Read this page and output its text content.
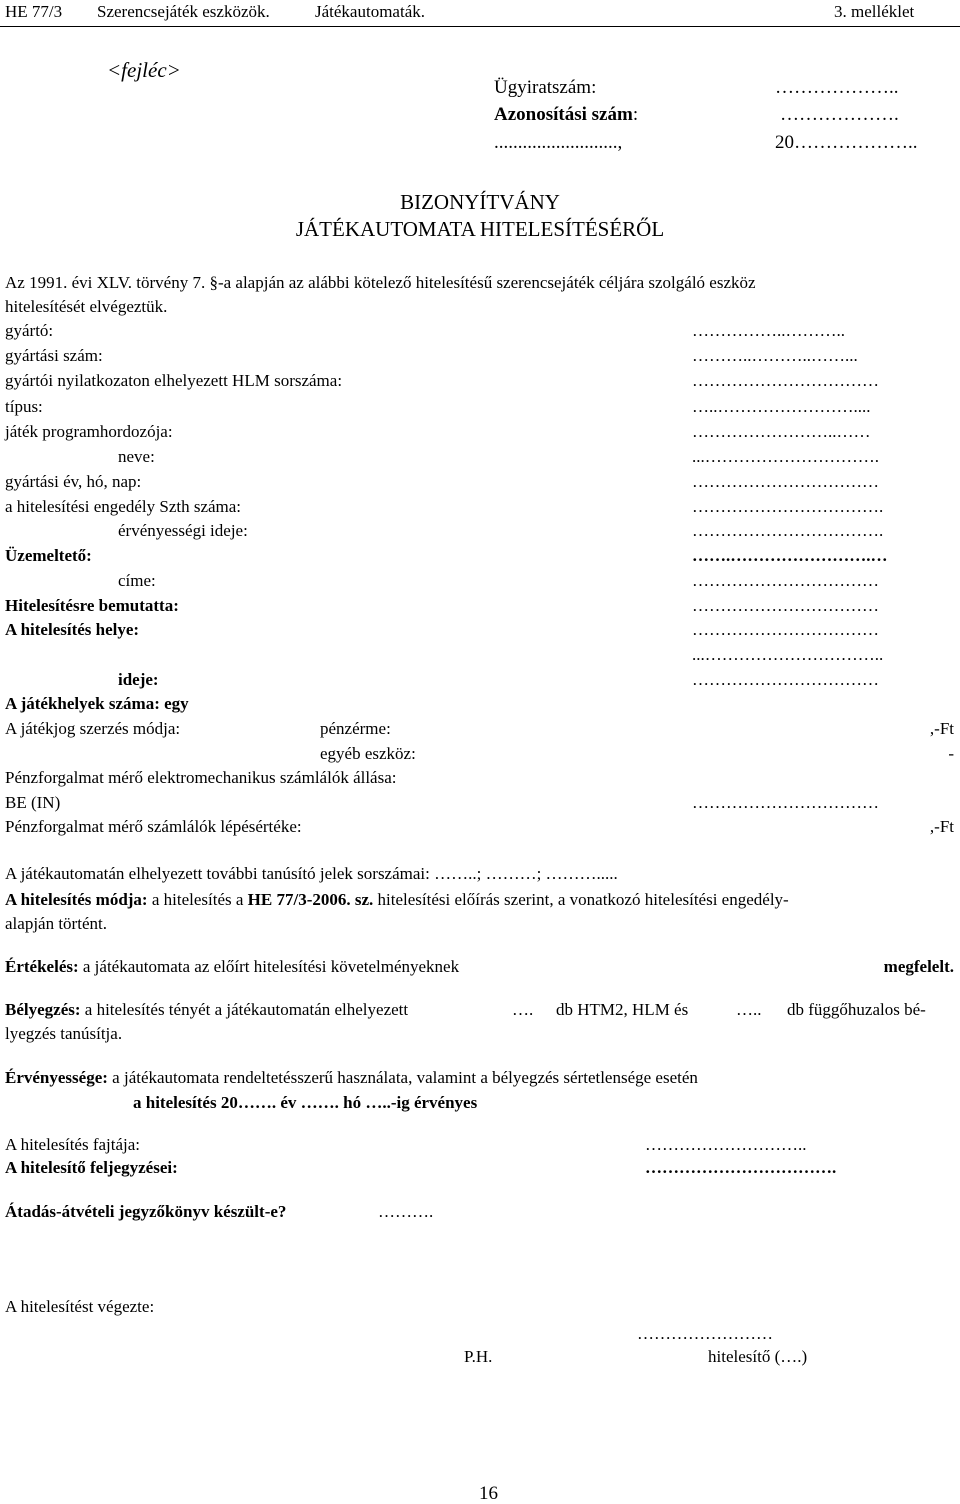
HE 77/3 Szerencsejáték eszközök.	Játékautomaták.	3. melléklet
<fejléc>
Ügyiratszám:	………………..
Azonosítási szám:	……………….
..........................,	20………………..
BIZONYÍTVÁNY
JÁTÉKAUTOMATA HITELESÍTÉSÉRŐL
Az 1991. évi XLV. törvény 7. §-a alapján az alábbi kötelező hitelesítésű szerencsejáték céljára szolgáló eszköz
hitelesítését elvégeztük.
gyártó:	……………..………..
gyártási szám:	………..………..……...
gyártói nyilatkozaton elhelyezett HLM sorszáma:	……………………………
típus:	…..……………………....
játék programhordozója:	……………………..……
neve:	...………………………….
gyártási év, hó, nap:	……………………………
a hitelesítési engedély Szth száma:	…………………………….
érvényességi ideje:	…………………………….
Üzemeltető:	…….…………………….…
címe:	……………………………
Hitelesítésre bemutatta:	……………………………
A hitelesítés helye:	……………………………
...…………………………..
ideje:	……………………………
A játékhelyek száma: egy
A játékjog szerzés módja:	pénzérme:	,-Ft
egyéb eszköz:	-
Pénzforgalmat mérő elektromechanikus számlálók állása:
BE (IN)	……………………………
Pénzforgalmat mérő számlálók lépésértéke:	,-Ft
A játékautomatán elhelyezett további tanúsító jelek sorszámai: ……..; ………; ……….....
A hitelesítés módja: a hitelesítés a HE 77/3-2006. sz. hitelesítési előírás szerint, a vonatkozó hitelesítési engedély-
alapján történt.
Értékelés: a játékautomata az előírt hitelesítési követelményeknek	megfelelt.
Bélyegzés: a hitelesítés tényét a játékautomatán elhelyezett	…. db HTM2, HLM és	….. db függőhuzalos bé-
lyegzés tanúsítja.
Érvényessége: a játékautomata rendeltetésszerű használata, valamint a bélyegzés sértetlensége esetén
a hitelesítés 20……. év ……. hó …..-ig érvényes
A hitelesítés fajtája:	………………………..
A hitelesítő feljegyzései:	…………………………….
Átadás-átvételi jegyzőkönyv készült-e?	……….
A hitelesítést végezte:
……………………
P.H.	hitelesítő (….)
16
